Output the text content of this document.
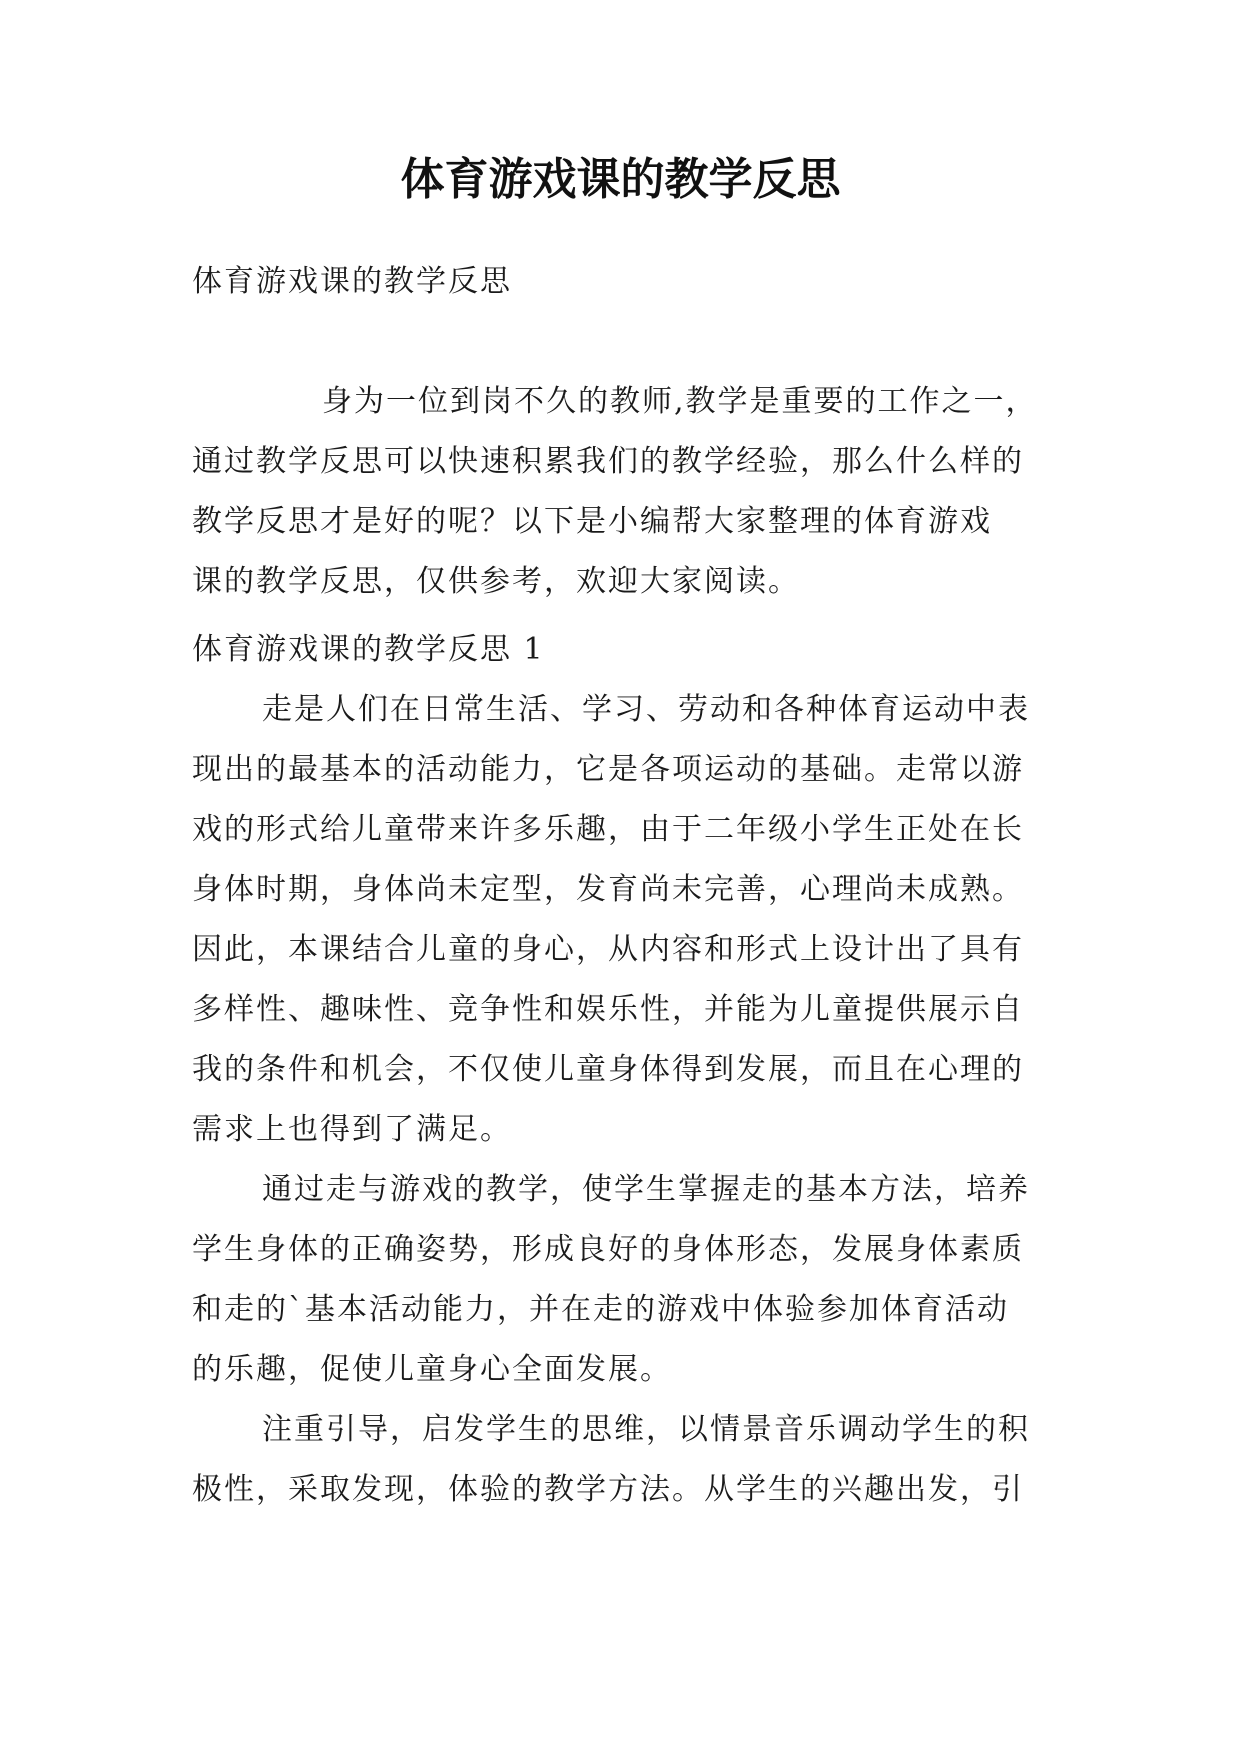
体育游戏课的教学反思

体育游戏课的教学反思

身为一位到岗不久的教师,教学是重要的工作之一，
通过教学反思可以快速积累我们的教学经验，那么什么样的
教学反思才是好的呢？以下是小编帮大家整理的体育游戏
课的教学反思，仅供参考，欢迎大家阅读。

体育游戏课的教学反思 1

走是人们在日常生活、学习、劳动和各种体育运动中表
现出的最基本的活动能力，它是各项运动的基础。走常以游
戏的形式给儿童带来许多乐趣，由于二年级小学生正处在长
身体时期，身体尚未定型，发育尚未完善，心理尚未成熟。
因此，本课结合儿童的身心，从内容和形式上设计出了具有
多样性、趣味性、竞争性和娱乐性，并能为儿童提供展示自
我的条件和机会，不仅使儿童身体得到发展，而且在心理的
需求上也得到了满足。

通过走与游戏的教学，使学生掌握走的基本方法，培养
学生身体的正确姿势，形成良好的身体形态，发展身体素质
和走的`基本活动能力，并在走的游戏中体验参加体育活动
的乐趣，促使儿童身心全面发展。

注重引导，启发学生的思维，以情景音乐调动学生的积
极性，采取发现，体验的教学方法。从学生的兴趣出发，引
